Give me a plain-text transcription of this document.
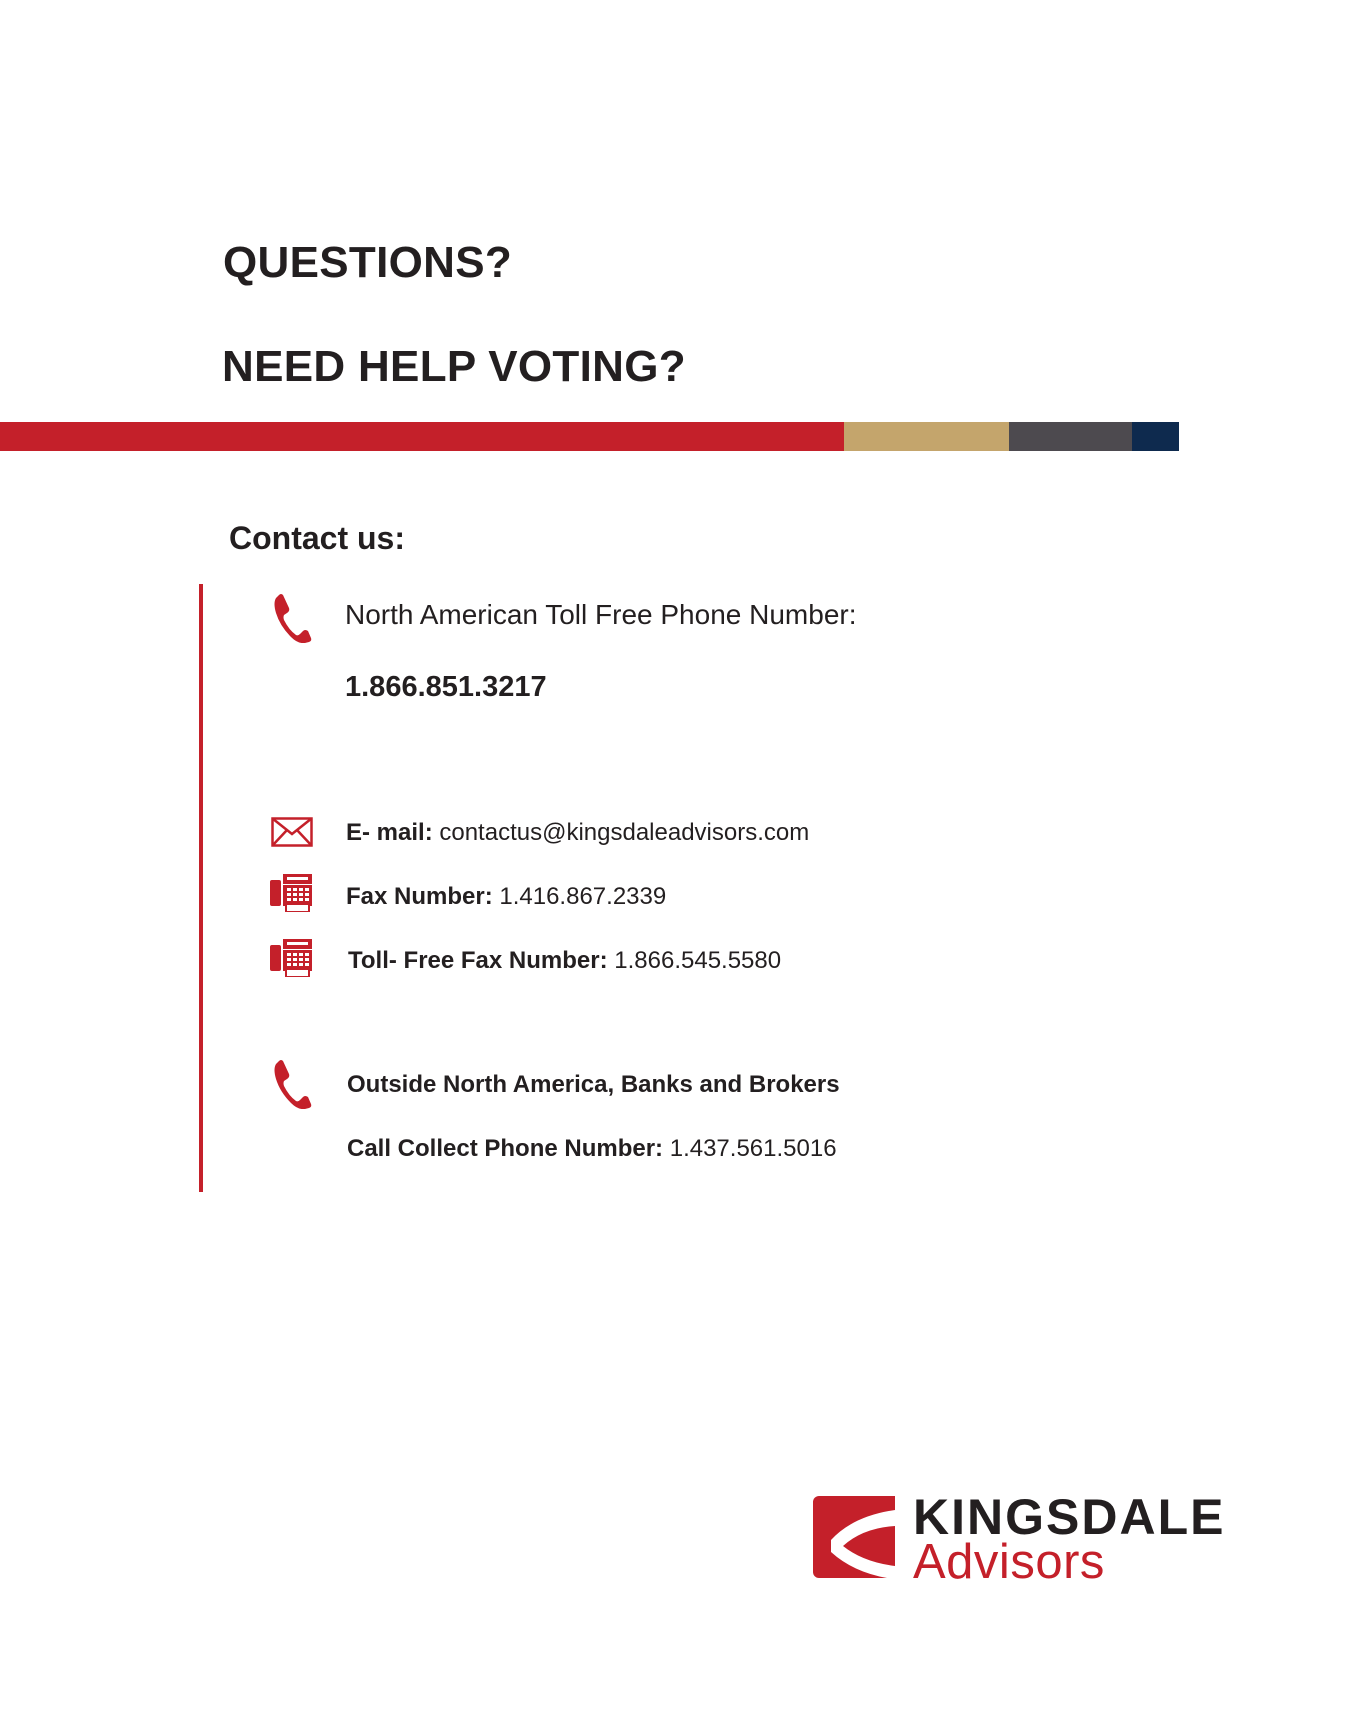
QUESTIONS?
NEED HELP VOTING?
Contact us:
North American Toll Free Phone Number:
1.866.851.3217
E- mail: contactus@kingsdaleadvisors.com
Fax Number: 1.416.867.2339
Toll- Free Fax Number: 1.866.545.5580
Outside North America, Banks and Brokers
Call Collect Phone Number: 1.437.561.5016
KINGSDALE
Advisors
